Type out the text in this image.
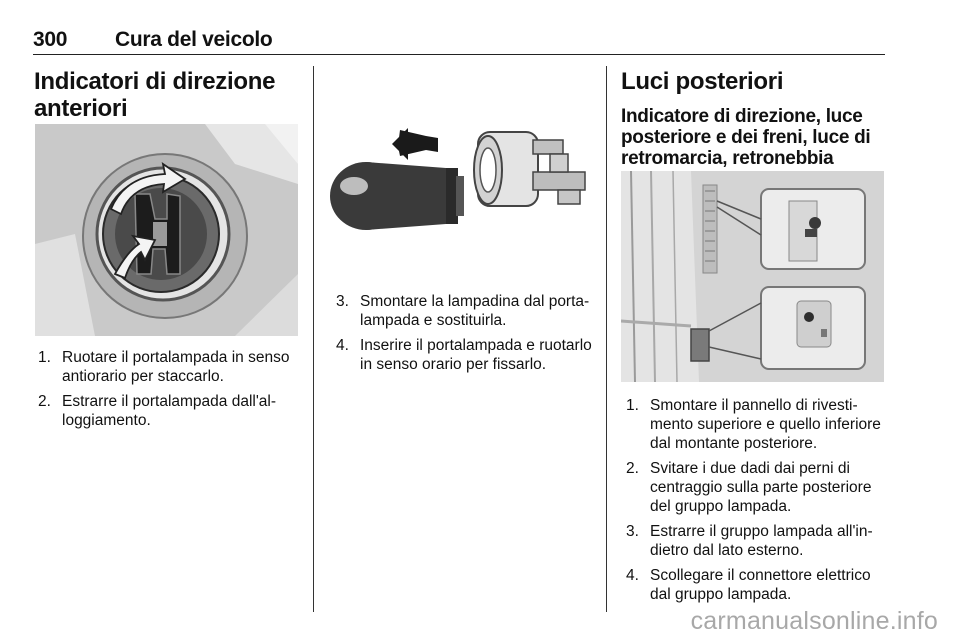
300 Cura del veicolo
Indicatori di direzione
anteriori
1. Ruotare il portalampada in senso
antiorario per staccarlo.
2. Estrarre il portalampada dall'al-
loggiamento.
3. Smontare la lampadina dal porta-
lampada e sostituirla.
4. Inserire il portalampada e ruotarlo
in senso orario per fissarlo.
Luci posteriori
Indicatore di direzione, luce
posteriore e dei freni, luce di
retromarcia, retronebbia
1. Smontare il pannello di rivesti-
mento superiore e quello inferiore
dal montante posteriore.
2. Svitare i due dadi dai perni di
centraggio sulla parte posteriore
del gruppo lampada.
3. Estrarre il gruppo lampada all'in-
dietro dal lato esterno.
4. Scollegare il connettore elettrico
dal gruppo lampada.
carmanualsonline.info
